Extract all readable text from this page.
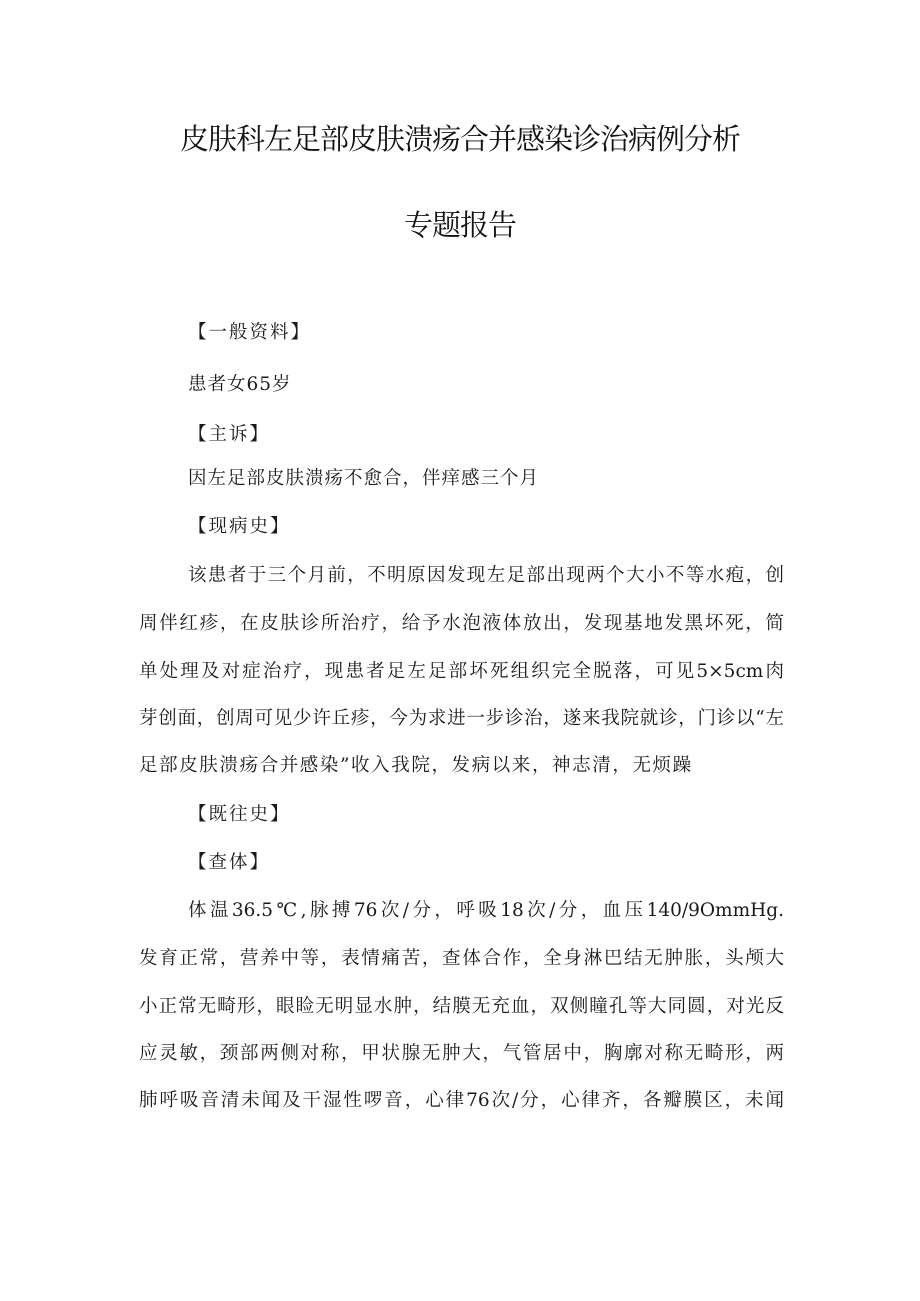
皮肤科左足部皮肤溃疡合并感染诊治病例分析
专题报告
【一般资料】
患者女65岁
【主诉】
因左足部皮肤溃疡不愈合，伴痒感三个月
【现病史】
该患者于三个月前，不明原因发现左足部出现两个大小不等水疱，创
周伴红疹，在皮肤诊所治疗，给予水泡液体放出，发现基地发黑坏死，简
单处理及对症治疗，现患者足左足部坏死组织完全脱落，可见5×5cm肉
芽创面，创周可见少许丘疹，今为求进一步诊治，遂来我院就诊，门诊以“左
足部皮肤溃疡合并感染”收入我院，发病以来，神志清，无烦躁
【既往史】
【查体】
体温36.5℃,脉搏76次/分，呼吸18次/分，血压140/9OmmHg.
发育正常，营养中等，表情痛苦，查体合作，全身淋巴结无肿胀，头颅大
小正常无畸形，眼睑无明显水肿，结膜无充血，双侧瞳孔等大同圆，对光反
应灵敏，颈部两侧对称，甲状腺无肿大，气管居中，胸廓对称无畸形，两
肺呼吸音清未闻及干湿性啰音，心律76次/分，心律齐，各瓣膜区，未闻
